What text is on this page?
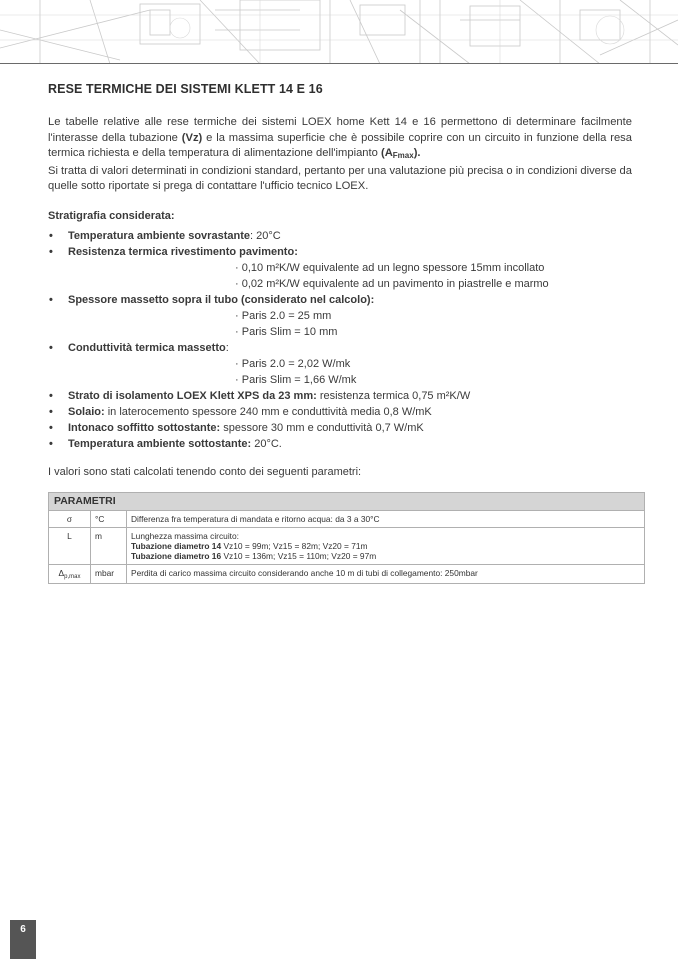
RESE TERMICHE DEI SISTEMI KLETT 14 E 16

Le tabelle relative alle rese termiche dei sistemi LOEX home Kett 14 e 16 permettono di determinare facilmente l'interasse della tubazione (Vz) e la massima superficie che è possibile coprire con un circuito in funzione della resa termica richiesta e della temperatura di alimentazione dell'impianto $(A_{Fmax})$.

Si tratta di valori determinati in condizioni standard, pertanto per una valutazione più precisa o in condizioni diverse da quelle sotto riportate si prega di contattare l'ufficio tecnico LOEX.

Stratigrafia considerata:
• Temperatura ambiente sovrastante: 20°C
• Resistenza termica rivestimento pavimento:
· 0,10 m²K/W equivalente ad un legno spessore 15mm incollato
· 0,02 m²K/W equivalente ad un pavimento in piastrelle e marmo
• Spessore massetto sopra il tubo (considerato nel calcolo):
· Paris 2.0 = 25 mm
· Paris Slim = 10 mm
• Conduttività termica massetto:
· Paris 2.0 = 2,02 W/mk
· Paris Slim = 1,66 W/mk
• Strato di isolamento LOEX Klett XPS da 23 mm: resistenza termica 0,75 m²K/W
• Solaio: in laterocemento spessore 240 mm e conduttività media 0,8 W/mK
• Intonaco soffitto sottostante: spessore 30 mm e conduttività 0,7 W/mK
• Temperatura ambiente sottostante: 20°C.

I valori sono stati calcolati tenendo conto dei seguenti parametri:

PARAMETRI		
σ	°C	Differenza fra temperatura di mandata e ritorno acqua: da 3 a 30°C
L	m	Lunghezza massima circuito:
Tubazione diametro 14 Vz10 = 99m; Vz15 = 82m; Vz20 = 71m
Tubazione diametro 16 Vz10 = 136m; Vz15 = 110m; Vz20 = 97m

$\Delta_{p,max}$	mbar	Perdita di carico massima circuito considerando anche 10 m di tubi di collegamento: 250mbar
6
